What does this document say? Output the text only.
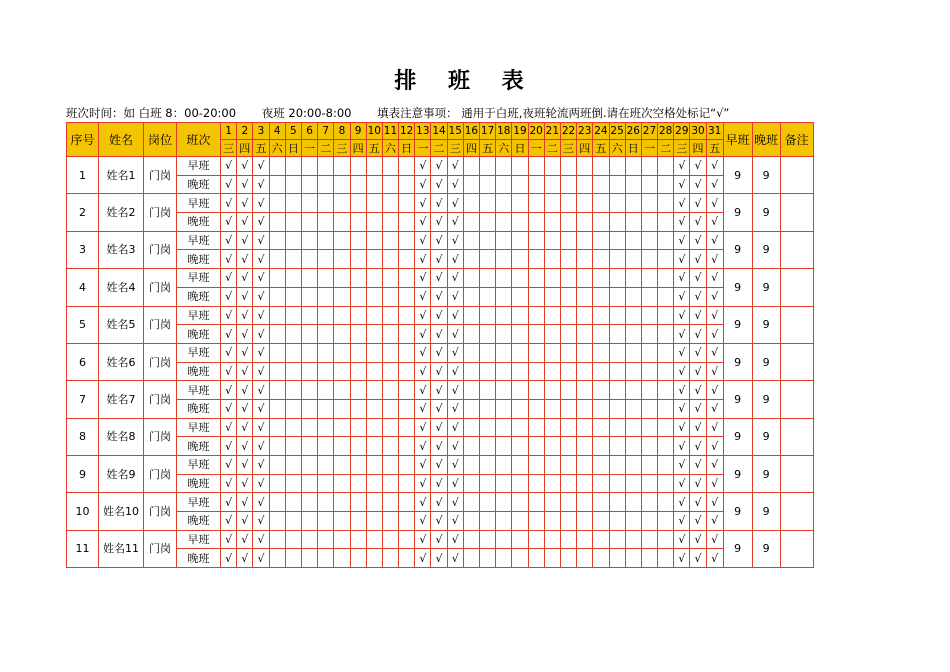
排 班 表
班次时间：如 白班 8：00-20:00 夜班 20:00-8:00 填表注意事项： 通用于白班,夜班轮流两班倒.请在班次空格处标记“√”
序号	姓名	岗位	班次	1	2	3	4	5	6	7	8	9	10	11	12	13	14	15	16	17	18	19	20	21	22	23	24	25	26	27	28	29	30	31	早班	晚班	备注
				三	四	五	六	日	一	二	三	四	五	六	日	一	二	三	四	五	六	日	一	二	三	四	五	六	日	一	二	三	四	五			
1	姓名1	门岗	早班	√	√	√										√	√	√														√	√	√	9	9	
			晚班	√	√	√										√	√	√														√	√	√			
2	姓名2	门岗	早班	√	√	√										√	√	√														√	√	√	9	9	
			晚班	√	√	√										√	√	√														√	√	√			
3	姓名3	门岗	早班	√	√	√										√	√	√														√	√	√	9	9	
			晚班	√	√	√										√	√	√														√	√	√			
4	姓名4	门岗	早班	√	√	√										√	√	√														√	√	√	9	9	
			晚班	√	√	√										√	√	√														√	√	√			
5	姓名5	门岗	早班	√	√	√										√	√	√														√	√	√	9	9	
			晚班	√	√	√										√	√	√														√	√	√			
6	姓名6	门岗	早班	√	√	√										√	√	√														√	√	√	9	9	
			晚班	√	√	√										√	√	√														√	√	√			
7	姓名7	门岗	早班	√	√	√										√	√	√														√	√	√	9	9	
			晚班	√	√	√										√	√	√														√	√	√			
8	姓名8	门岗	早班	√	√	√										√	√	√														√	√	√	9	9	
			晚班	√	√	√										√	√	√														√	√	√			
9	姓名9	门岗	早班	√	√	√										√	√	√														√	√	√	9	9	
			晚班	√	√	√										√	√	√														√	√	√			
10	姓名10	门岗	早班	√	√	√										√	√	√														√	√	√	9	9	
			晚班	√	√	√										√	√	√														√	√	√			
11	姓名11	门岗	早班	√	√	√										√	√	√														√	√	√	9	9	
			晚班	√	√	√										√	√	√														√	√	√			
